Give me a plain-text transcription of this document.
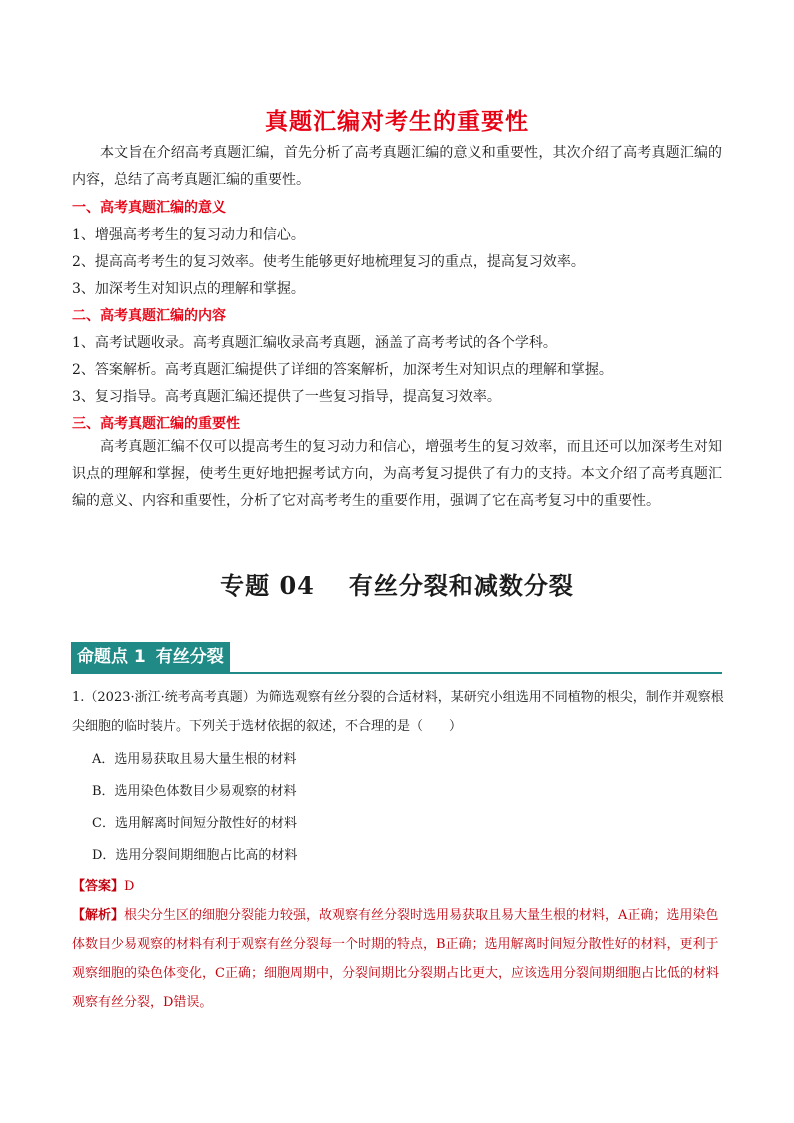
真题汇编对考生的重要性

本文旨在介绍高考真题汇编，首先分析了高考真题汇编的意义和重要性，其次介绍了高考真题汇编的内容，总结了高考真题汇编的重要性。

一、高考真题汇编的意义

1、增强高考考生的复习动力和信心。

2、提高高考考生的复习效率。使考生能够更好地梳理复习的重点，提高复习效率。

3、加深考生对知识点的理解和掌握。

二、高考真题汇编的内容

1、高考试题收录。高考真题汇编收录高考真题，涵盖了高考考试的各个学科。

2、答案解析。高考真题汇编提供了详细的答案解析，加深考生对知识点的理解和掌握。

3、复习指导。高考真题汇编还提供了一些复习指导，提高复习效率。

三、高考真题汇编的重要性

高考真题汇编不仅可以提高考生的复习动力和信心，增强考生的复习效率，而且还可以加深考生对知识点的理解和掌握，使考生更好地把握考试方向，为高考复习提供了有力的支持。本文介绍了高考真题汇编的意义、内容和重要性，分析了它对高考考生的重要作用，强调了它在高考复习中的重要性。

专题 04 有丝分裂和减数分裂
命题点 1 有丝分裂

1.（2023·浙江·统考高考真题）为筛选观察有丝分裂的合适材料，某研究小组选用不同植物的根尖，制作并观察根尖细胞的临时装片。下列关于选材依据的叙述，不合理的是（　　）

A．选用易获取且易大量生根的材料

B．选用染色体数目少易观察的材料

C．选用解离时间短分散性好的材料

D．选用分裂间期细胞占比高的材料

【答案】D

【解析】根尖分生区的细胞分裂能力较强，故观察有丝分裂时选用易获取且易大量生根的材料，A正确；选用染色体数目少易观察的材料有利于观察有丝分裂每一个时期的特点，B正确；选用解离时间短分散性好的材料，更利于观察细胞的染色体变化，C正确；细胞周期中，分裂间期比分裂期占比更大，应该选用分裂间期细胞占比低的材料观察有丝分裂，D错误。
